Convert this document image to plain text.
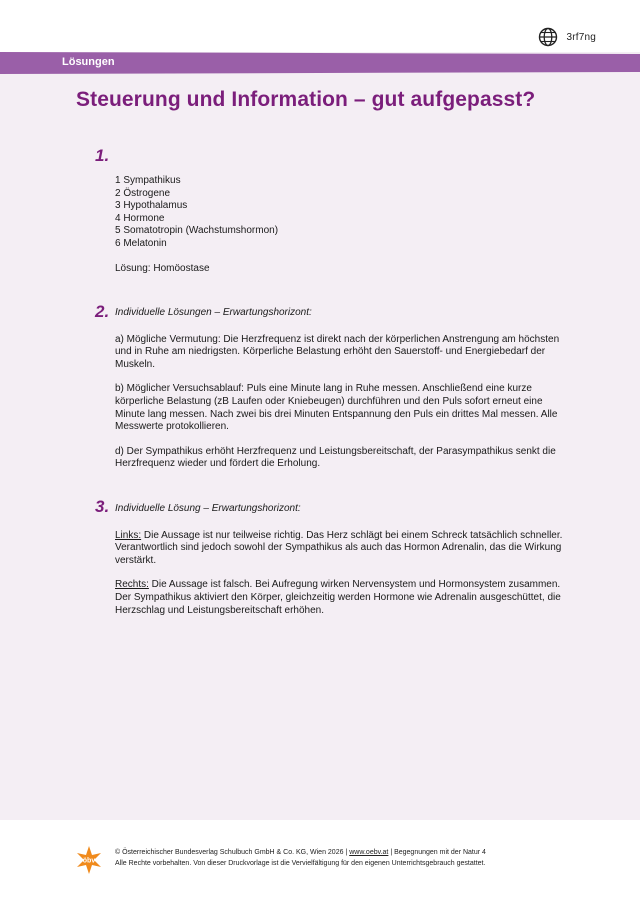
3rf7ng
Lösungen
Steuerung und Information – gut aufgepasst?
1.
1 Sympathikus
2 Östrogene
3 Hypothalamus
4 Hormone
5 Somatotropin (Wachstumshormon)
6 Melatonin

Lösung: Homöostase

2. Individuelle Lösungen – Erwartungshorizont:

a) Mögliche Vermutung: Die Herzfrequenz ist direkt nach der körperlichen Anstrengung am höchsten und in Ruhe am niedrigsten. Körperliche Belastung erhöht den Sauerstoff- und Energiebedarf der Muskeln.

b) Möglicher Versuchsablauf: Puls eine Minute lang in Ruhe messen. Anschließend eine kurze körperliche Belastung (zB Laufen oder Kniebeugen) durchführen und den Puls sofort erneut eine Minute lang messen. Nach zwei bis drei Minuten Entspannung den Puls ein drittes Mal messen. Alle Messwerte protokollieren.

d) Der Sympathikus erhöht Herzfrequenz und Leistungsbereitschaft, der Parasympathikus senkt die Herzfrequenz wieder und fördert die Erholung.

3. Individuelle Lösung – Erwartungshorizont:

Links: Die Aussage ist nur teilweise richtig. Das Herz schlägt bei einem Schreck tatsächlich schneller. Verantwortlich sind jedoch sowohl der Sympathikus als auch das Hormon Adrenalin, das die Wirkung verstärkt.

Rechts: Die Aussage ist falsch. Bei Aufregung wirken Nervensystem und Hormonsystem zusammen. Der Sympathikus aktiviert den Körper, gleichzeitig werden Hormone wie Adrenalin ausgeschüttet, die Herzschlag und Leistungsbereitschaft erhöhen.

öbv
© Österreichischer Bundesverlag Schulbuch GmbH & Co. KG, Wien 2026 | www.oebv.at | Begegnungen mit der Natur 4
Alle Rechte vorbehalten. Von dieser Druckvorlage ist die Vervielfältigung für den eigenen Unterrichtsgebrauch gestattet.
